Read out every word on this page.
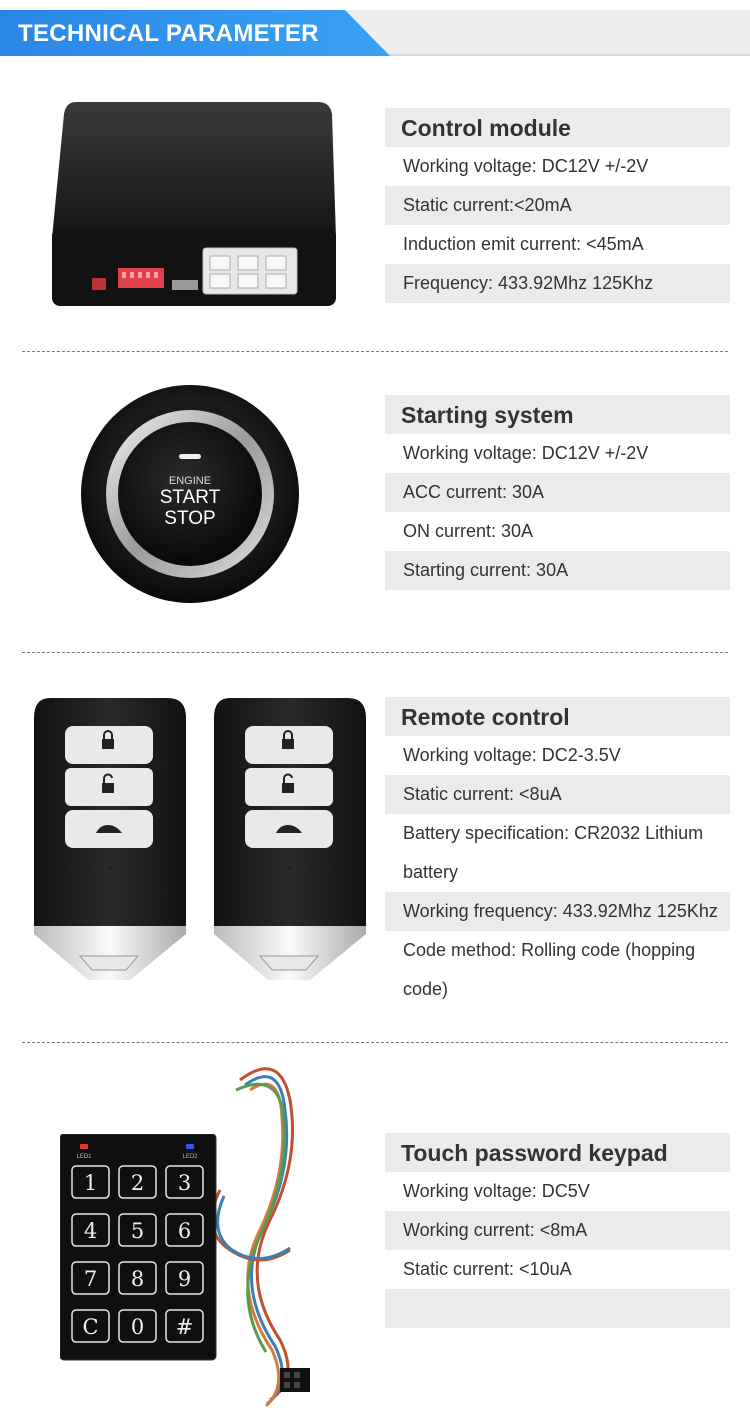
TECHNICAL PARAMETER
EASYGUARD
Control module
Working voltage: DC12V +/-2V
Static current:<20mA
Induction emit current: <45mA
Frequency: 433.92Mhz 125Khz
ENGINE
START
STOP
Starting system
Working voltage: DC12V +/-2V
ACC current: 30A
ON current: 30A
Starting current: 30A
Remote control
Working voltage: DC2-3.5V
Static current: <8uA
Battery specification: CR2032 Lithium battery
Working frequency: 433.92Mhz 125Khz
Code method: Rolling code (hopping code)
LED1	LED2
1 2 3
4 5 6
7 8 9
C 0 #
Touch password keypad
Working voltage: DC5V
Working current: <8mA
Static current: <10uA
